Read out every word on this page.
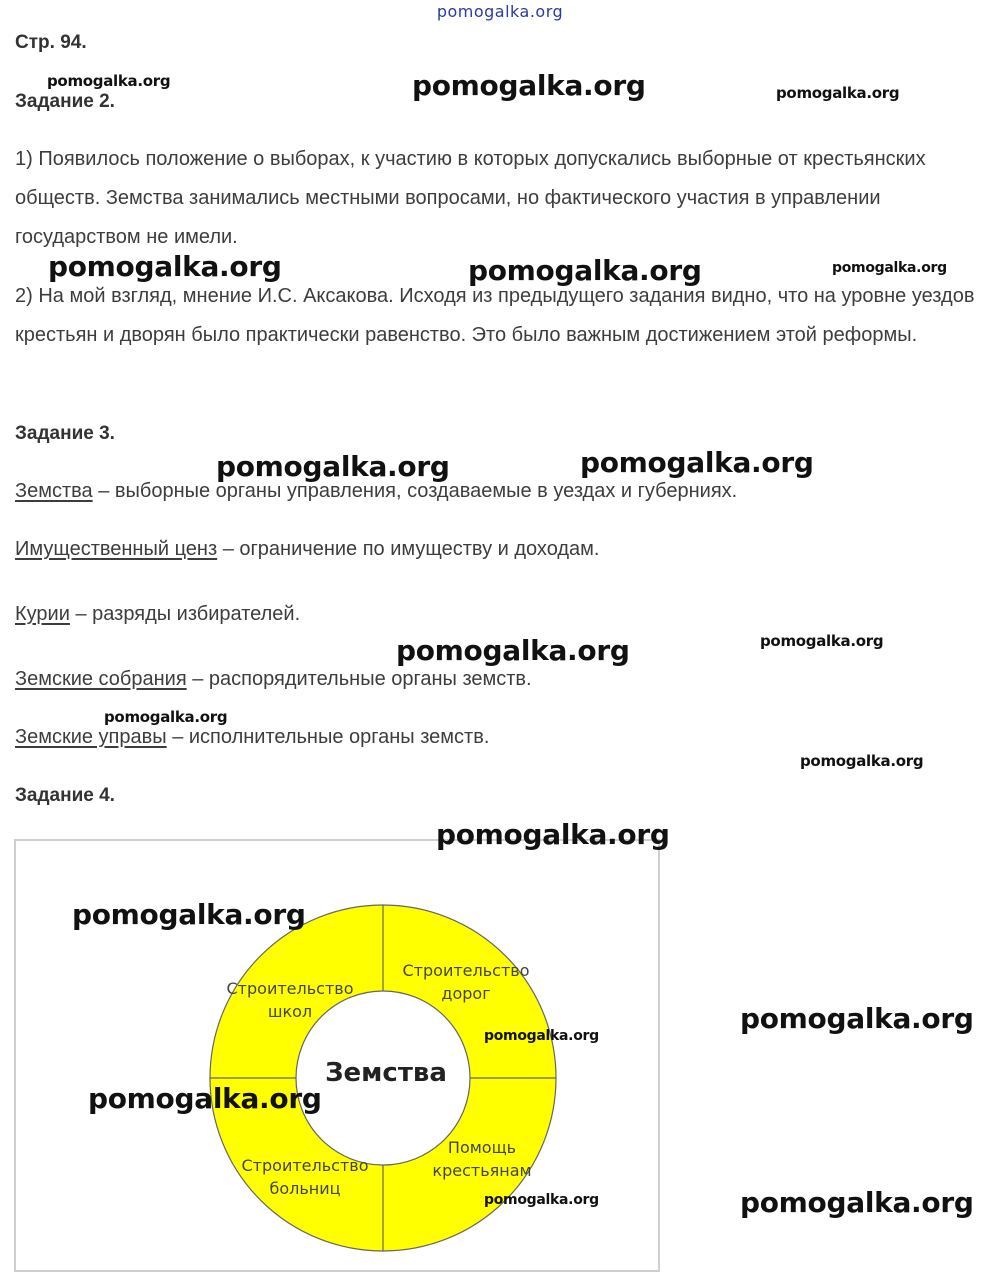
pomogalka.org
Стр. 94.
Задание 2.
1) Появилось положение о выборах, к участию в которых допускались выборные от крестьянских обществ. Земства занимались местными вопросами, но фактического участия в управлении государством не имели.
2) На мой взгляд, мнение И.С. Аксакова. Исходя из предыдущего задания видно, что на уровне уездов крестьян и дворян было практически равенство. Это было важным достижением этой реформы.
Задание 3.
Земства – выборные органы управления, создаваемые в уездах и губерниях.
Имущественный ценз – ограничение по имуществу и доходам.
Курии – разряды избирателей.
Земские собрания – распорядительные органы земств.
Земские управы – исполнительные органы земств.
Задание 4.
Земства
Строительство
дорог
Помощь
крестьянам
Строительство
больниц
Строительство
школ
pomogalka.org	pomogalka.org	pomogalka.org
pomogalka.org	pomogalka.org	pomogalka.org
pomogalka.org	pomogalka.org
pomogalka.org	pomogalka.org
pomogalka.org
pomogalka.org
pomogalka.org
pomogalka.org
pomogalka.org
pomogalka.org
pomogalka.org
pomogalka.org	pomogalka.org
